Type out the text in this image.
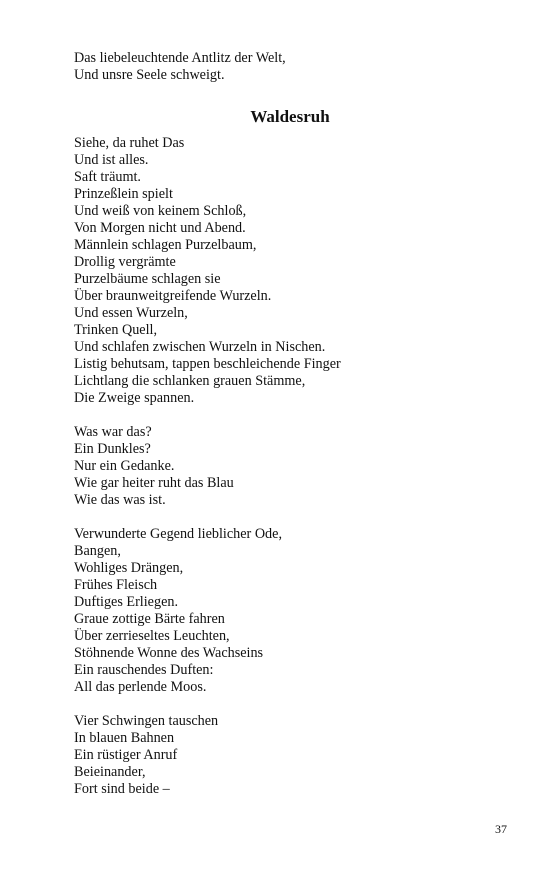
Das liebeleuchtende Antlitz der Welt,
Und unsre Seele schweigt.
Waldesruh
Siehe, da ruhet Das
Und ist alles.
Saft träumt.
Prinzeßlein spielt
Und weiß von keinem Schloß,
Von Morgen nicht und Abend.
Männlein schlagen Purzelbaum,
Drollig vergrämte
Purzelbäume schlagen sie
Über braunweitgreifende Wurzeln.
Und essen Wurzeln,
Trinken Quell,
Und schlafen zwischen Wurzeln in Nischen.
Listig behutsam, tappen beschleichende Finger
Lichtlang die schlanken grauen Stämme,
Die Zweige spannen.
Was war das?
Ein Dunkles?
Nur ein Gedanke.
Wie gar heiter ruht das Blau
Wie das was ist.
Verwunderte Gegend lieblicher Ode,
Bangen,
Wohliges Drängen,
Frühes Fleisch
Duftiges Erliegen.
Graue zottige Bärte fahren
Über zerrieseltes Leuchten,
Stöhnende Wonne des Wachseins
Ein rauschendes Duften:
All das perlende Moos.
Vier Schwingen tauschen
In blauen Bahnen
Ein rüstiger Anruf
Beieinander,
Fort sind beide –
37
